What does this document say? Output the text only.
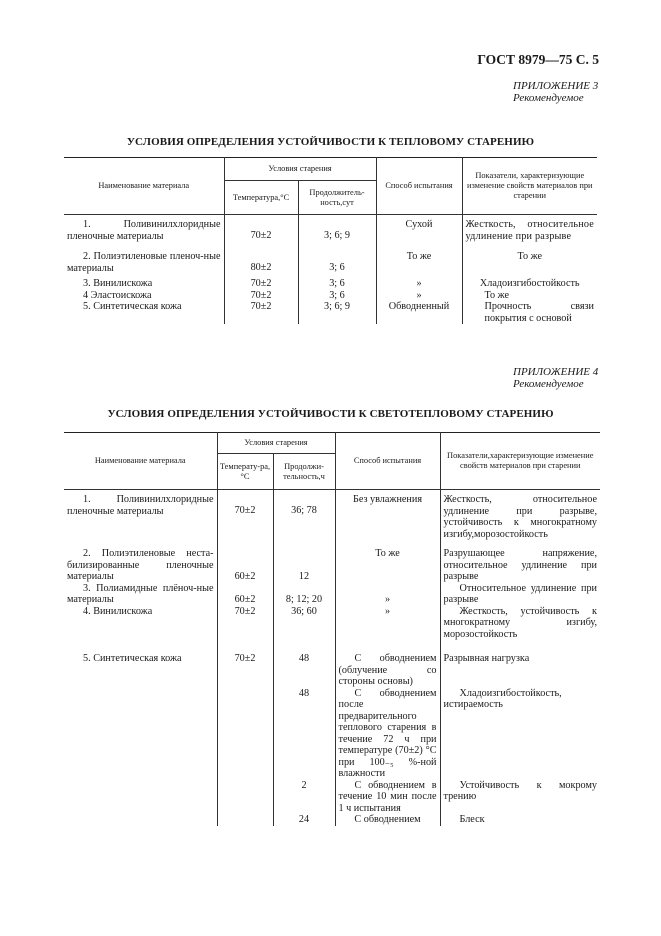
ГОСТ 8979—75 С. 5
ПРИЛОЖЕНИЕ 3
Рекомендуемое
УСЛОВИЯ ОПРЕДЕЛЕНИЯ УСТОЙЧИВОСТИ К ТЕПЛОВОМУ СТАРЕНИЮ
Наименование материала	Условия старения		Способ испытания	Показатели, характеризующие изменение свойств материалов при старении
	Температура,°С	Продолжитель-ность,сут		
1. Поливинилхлоридные пленочные материалы	70±2	3; 6; 9	Сухой	Жесткость, относительное удлинение при разрыве
2. Полиэтиленовые пленоч-ные материалы	80±2	3; 6	То же	То же
3. Винилискожа	70±2	3; 6	»	Хладоизгибостойкость
4 Эластоискожа	70±2	3; 6	»	То же
5. Синтетическая кожа	70±2	3; 6; 9	Обводненный	Прочность связи покрытия с основой
ПРИЛОЖЕНИЕ 4
Рекомендуемое
УСЛОВИЯ ОПРЕДЕЛЕНИЯ УСТОЙЧИВОСТИ К СВЕТОТЕПЛОВОМУ СТАРЕНИЮ
Наименование материала	Условия старения		Способ испытания	Показатели,характеризующие изменение свойств материалов при старении
	Температу-ра,°С	Продолжи-тельность,ч		
1. Поливинилхлоридные пленочные материалы	70±2	36; 78	Без увлажнения	Жесткость, относительное удлинение при разрыве, устойчивость к многократному изгибу,морозостойкость
2. Полиэтиленовые неста-билизированные пленочные материалы	60±2	12	То же	Разрушающее напряжение, относительное удлинение при разрыве
3. Полиамидные плёноч-ные материалы	60±2	8; 12; 20	»	Относительное удлинение при разрыве
4. Винилискожа	70±2	36; 60	»	Жесткость, устойчивость к многократному изгибу, морозостойкость
5. Синтетическая кожа	70±2	48	С обводнением (облучение со стороны основы)	Разрывная нагрузка
		48	С обводнением после предварительного теплового старения в течение 72 ч при температуре (70±2) °С при 100₋₅ %-ной влажности	Хладоизгибостойкость, истираемость
		2	С обводнением в течение 10 мин после 1 ч испытания	Устойчивость к мокрому трению
		24	С обводнением	Блеск
